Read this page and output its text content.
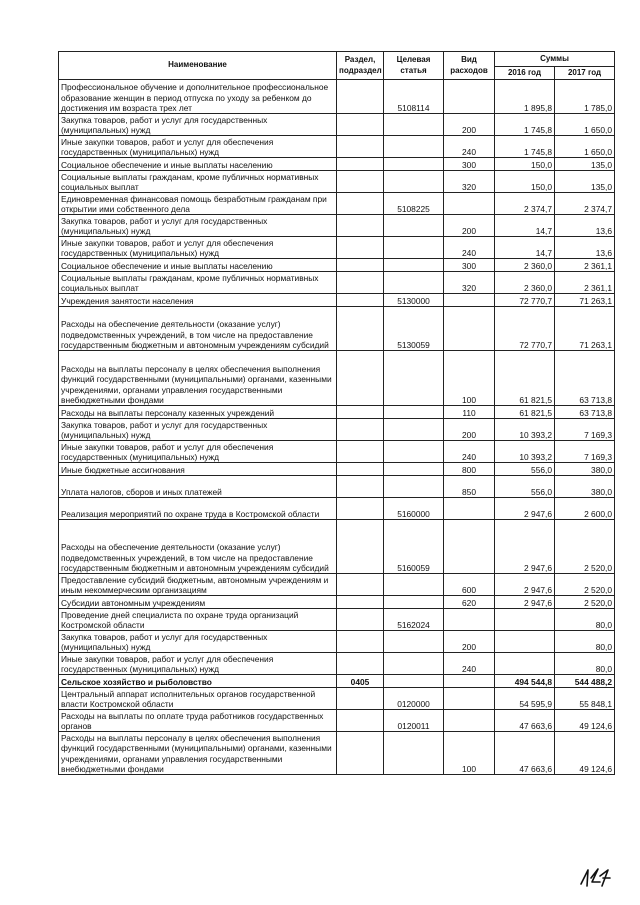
Наименование	Раздел, подраздел	Целевая статья	Вид расходов	Суммы	
				2016 год	2017 год
Профессиональное обучение и дополнительное профессиональное образование женщин в период отпуска по уходу за ребенком до достижения им возраста трех лет		5108114		1 895,8	1 785,0
Закупка товаров, работ и услуг для государственных (муниципальных) нужд			200	1 745,8	1 650,0
Иные закупки товаров, работ и услуг для обеспечения государственных (муниципальных) нужд			240	1 745,8	1 650,0
Социальное обеспечение и иные выплаты населению			300	150,0	135,0
Социальные выплаты гражданам, кроме публичных нормативных социальных выплат			320	150,0	135,0
Единовременная финансовая помощь безработным гражданам при открытии ими собственного дела		5108225		2 374,7	2 374,7
Закупка товаров, работ и услуг для государственных (муниципальных) нужд			200	14,7	13,6
Иные закупки товаров, работ и услуг для обеспечения государственных (муниципальных) нужд			240	14,7	13,6
Социальное обеспечение и иные выплаты населению			300	2 360,0	2 361,1
Социальные выплаты гражданам, кроме публичных нормативных социальных выплат			320	2 360,0	2 361,1
Учреждения занятости населения		5130000		72 770,7	71 263,1
Расходы на обеспечение деятельности (оказание услуг) подведомственных учреждений, в том числе на предоставление государственным бюджетным и автономным учреждениям субсидий		5130059		72 770,7	71 263,1
Расходы на выплаты персоналу в целях обеспечения выполнения функций государственными (муниципальными) органами, казенными учреждениями, органами управления государственными внебюджетными фондами			100	61 821,5	63 713,8
Расходы на выплаты персоналу казенных учреждений			110	61 821,5	63 713,8
Закупка товаров, работ и услуг для государственных (муниципальных) нужд			200	10 393,2	7 169,3
Иные закупки товаров, работ и услуг для обеспечения государственных (муниципальных) нужд			240	10 393,2	7 169,3
Иные бюджетные ассигнования			800	556,0	380,0
Уплата налогов, сборов и иных платежей			850	556,0	380,0
Реализация мероприятий по охране труда в Костромской области		5160000		2 947,6	2 600,0
Расходы на обеспечение деятельности (оказание услуг) подведомственных учреждений, в том числе на предоставление государственным бюджетным и автономным учреждениям субсидий		5160059		2 947,6	2 520,0
Предоставление субсидий бюджетным, автономным учреждениям и иным некоммерческим организациям			600	2 947,6	2 520,0
Субсидии автономным учреждениям			620	2 947,6	2 520,0
Проведение дней специалиста по охране труда организаций Костромской области		5162024			80,0
Закупка товаров, работ и услуг для государственных (муниципальных) нужд			200		80,0
Иные закупки товаров, работ и услуг для обеспечения государственных (муниципальных) нужд			240		80,0
Сельское хозяйство и рыболовство	0405			494 544,8	544 488,2
Центральный аппарат исполнительных органов государственной власти Костромской области		0120000		54 595,9	55 848,1
Расходы на выплаты по оплате труда работников государственных органов		0120011		47 663,6	49 124,6
Расходы на выплаты персоналу в целях обеспечения выполнения функций государственными (муниципальными) органами, казенными учреждениями, органами управления государственными внебюджетными фондами			100	47 663,6	49 124,6
